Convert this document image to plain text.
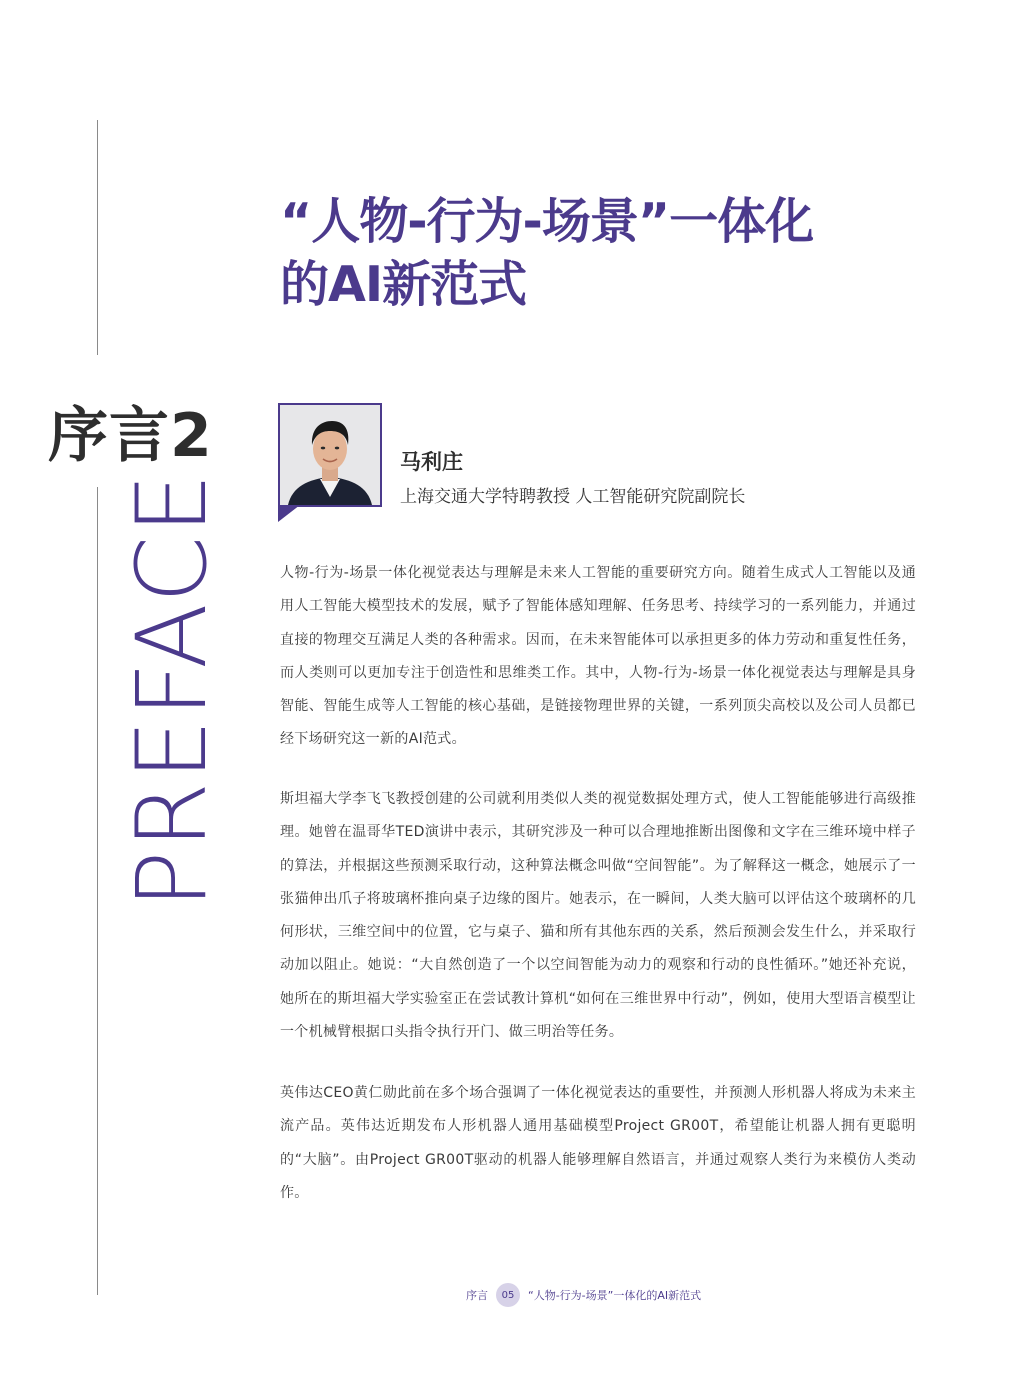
“人物-行为-场景”一体化
的AI新范式
序言2
PREFACE
马利庄
上海交通大学特聘教授 人工智能研究院副院长
人物-行为-场景一体化视觉表达与理解是未来人工智能的重要研究方向。随着生成式人工智能以及通用人工智能大模型技术的发展，赋予了智能体感知理解、任务思考、持续学习的一系列能力，并通过直接的物理交互满足人类的各种需求。因而，在未来智能体可以承担更多的体力劳动和重复性任务，而人类则可以更加专注于创造性和思维类工作。其中，人物-行为-场景一体化视觉表达与理解是具身智能、智能生成等人工智能的核心基础，是链接物理世界的关键，一系列顶尖高校以及公司人员都已经下场研究这一新的AI范式。
斯坦福大学李飞飞教授创建的公司就利用类似人类的视觉数据处理方式，使人工智能能够进行高级推理。她曾在温哥华TED演讲中表示，其研究涉及一种可以合理地推断出图像和文字在三维环境中样子的算法，并根据这些预测采取行动，这种算法概念叫做“空间智能”。为了解释这一概念，她展示了一张猫伸出爪子将玻璃杯推向桌子边缘的图片。她表示，在一瞬间，人类大脑可以评估这个玻璃杯的几何形状，三维空间中的位置，它与桌子、猫和所有其他东西的关系，然后预测会发生什么，并采取行动加以阻止。她说：“大自然创造了一个以空间智能为动力的观察和行动的良性循环。”她还补充说，她所在的斯坦福大学实验室正在尝试教计算机“如何在三维世界中行动”，例如，使用大型语言模型让一个机械臂根据口头指令执行开门、做三明治等任务。
英伟达CEO黄仁勋此前在多个场合强调了一体化视觉表达的重要性，并预测人形机器人将成为未来主流产品。英伟达近期发布人形机器人通用基础模型Project GR00T，希望能让机器人拥有更聪明的“大脑”。由Project GR00T驱动的机器人能够理解自然语言，并通过观察人类行为来模仿人类动作。
序言	05	“人物-行为-场景”一体化的AI新范式
